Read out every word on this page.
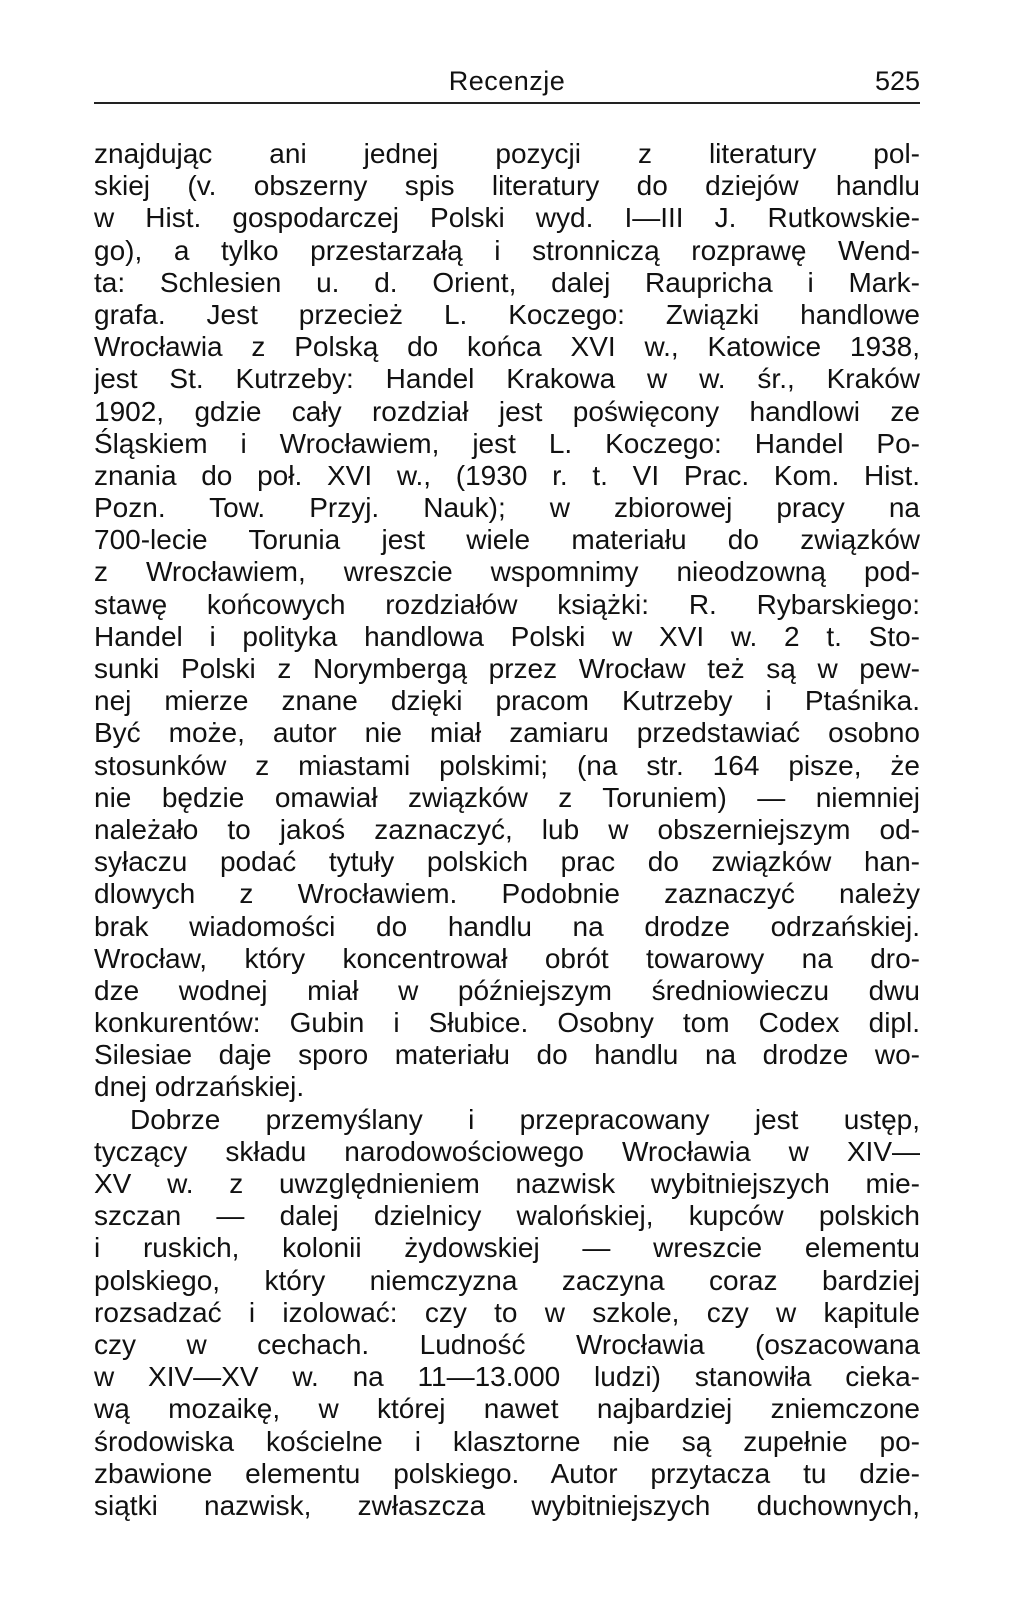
Recenzje	525
znajdując ani jednej pozycji z literatury pol-
skiej (v. obszerny spis literatury do dziejów handlu
w Hist. gospodarczej Polski wyd. I—III J. Rutkowskie-
go), a tylko przestarzałą i stronniczą rozprawę Wend-
ta: Schlesien u. d. Orient, dalej Raupricha i Mark-
grafa. Jest przecież L. Koczego: Związki handlowe
Wrocławia z Polską do końca XVI w., Katowice 1938,
jest St. Kutrzeby: Handel Krakowa w w. śr., Kraków
1902, gdzie cały rozdział jest poświęcony handlowi ze
Śląskiem i Wrocławiem, jest L. Koczego: Handel Po-
znania do poł. XVI w., (1930 r. t. VI Prac. Kom. Hist.
Pozn. Tow. Przyj. Nauk); w zbiorowej pracy na
700-lecie Torunia jest wiele materiału do związków
z Wrocławiem, wreszcie wspomnimy nieodzowną pod-
stawę końcowych rozdziałów książki: R. Rybarskiego:
Handel i polityka handlowa Polski w XVI w. 2 t. Sto-
sunki Polski z Norymbergą przez Wrocław też są w pew-
nej mierze znane dzięki pracom Kutrzeby i Ptaśnika.
Być może, autor nie miał zamiaru przedstawiać osobno
stosunków z miastami polskimi; (na str. 164 pisze, że
nie będzie omawiał związków z Toruniem) — niemniej
należało to jakoś zaznaczyć, lub w obszerniejszym od-
syłaczu podać tytuły polskich prac do związków han-
dlowych z Wrocławiem. Podobnie zaznaczyć należy
brak wiadomości do handlu na drodze odrzańskiej.
Wrocław, który koncentrował obrót towarowy na dro-
dze wodnej miał w późniejszym średniowieczu dwu
konkurentów: Gubin i Słubice. Osobny tom Codex dipl.
Silesiae daje sporo materiału do handlu na drodze wo-
dnej odrzańskiej.
Dobrze przemyślany i przepracowany jest ustęp,
tyczący składu narodowościowego Wrocławia w XIV—
XV w. z uwzględnieniem nazwisk wybitniejszych mie-
szczan — dalej dzielnicy walońskiej, kupców polskich
i ruskich, kolonii żydowskiej — wreszcie elementu
polskiego, który niemczyzna zaczyna coraz bardziej
rozsadzać i izolować: czy to w szkole, czy w kapitule
czy w cechach. Ludność Wrocławia (oszacowana
w XIV—XV w. na 11—13.000 ludzi) stanowiła cieka-
wą mozaikę, w której nawet najbardziej zniemczone
środowiska kościelne i klasztorne nie są zupełnie po-
zbawione elementu polskiego. Autor przytacza tu dzie-
siątki nazwisk, zwłaszcza wybitniejszych duchownych,
